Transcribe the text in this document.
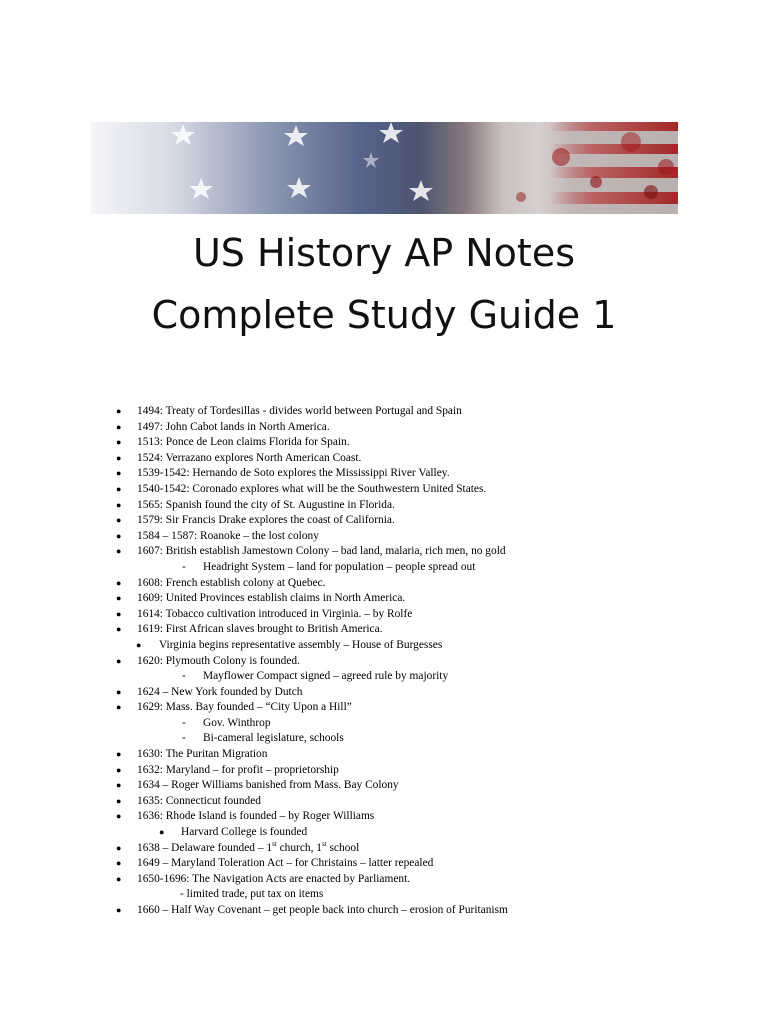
US History AP Notes
Complete Study Guide 1
● 1494: Treaty of Tordesillas - divides world between Portugal and Spain
● 1497: John Cabot lands in North America.
● 1513: Ponce de Leon claims Florida for Spain.
● 1524: Verrazano explores North American Coast.
● 1539-1542: Hernando de Soto explores the Mississippi River Valley.
● 1540-1542: Coronado explores what will be the Southwestern United States.
● 1565: Spanish found the city of St. Augustine in Florida.
● 1579: Sir Francis Drake explores the coast of California.
● 1584 – 1587: Roanoke – the lost colony
● 1607: British establish Jamestown Colony – bad land, malaria, rich men, no gold
- Headright System – land for population – people spread out
● 1608: French establish colony at Quebec.
● 1609: United Provinces establish claims in North America.
● 1614: Tobacco cultivation introduced in Virginia. – by Rolfe
● 1619: First African slaves brought to British America.
● Virginia begins representative assembly – House of Burgesses
● 1620: Plymouth Colony is founded.
- Mayflower Compact signed – agreed rule by majority
● 1624 – New York founded by Dutch
● 1629: Mass. Bay founded – “City Upon a Hill”
- Gov. Winthrop
- Bi-cameral legislature, schools
● 1630: The Puritan Migration
● 1632: Maryland – for profit – proprietorship
● 1634 – Roger Williams banished from Mass. Bay Colony
● 1635: Connecticut founded
● 1636: Rhode Island is founded – by Roger Williams
● Harvard College is founded
● 1638 – Delaware founded – 1st church, 1st school
● 1649 – Maryland Toleration Act – for Christains – latter repealed
● 1650-1696: The Navigation Acts are enacted by Parliament.
- limited trade, put tax on items
● 1660 – Half Way Covenant – get people back into church – erosion of Puritanism
